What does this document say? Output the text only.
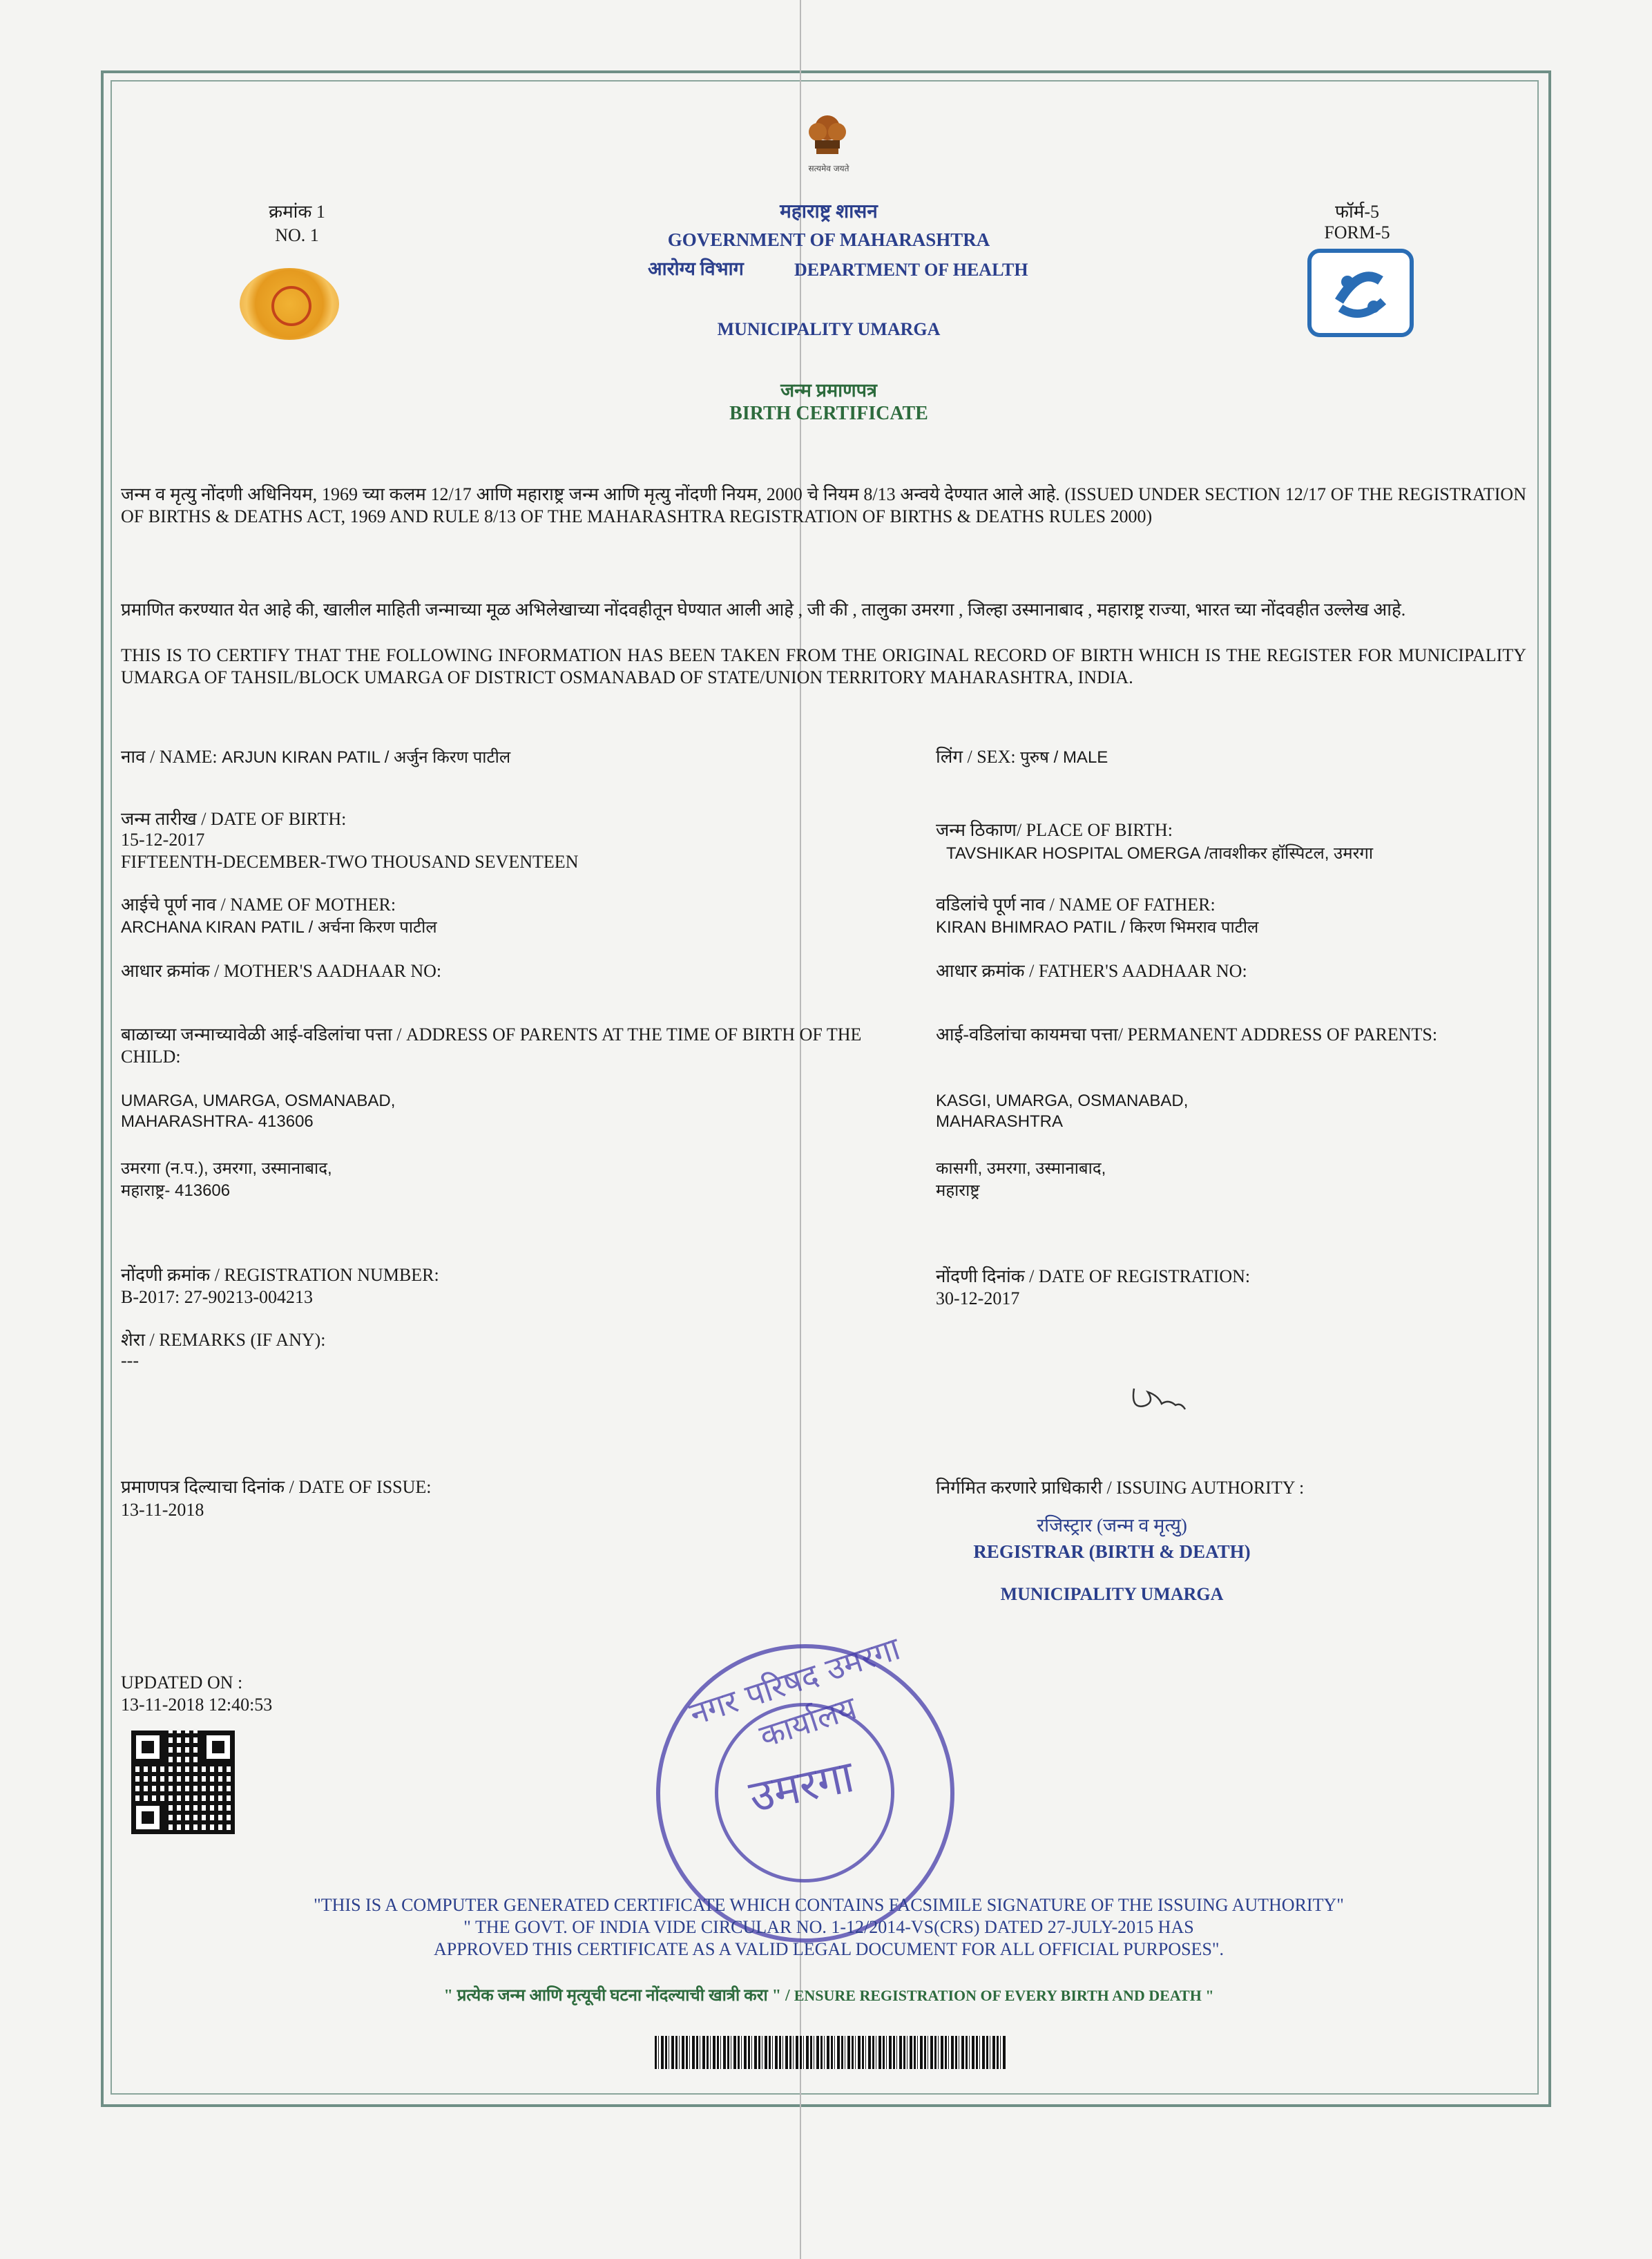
सत्यमेव जयते
क्रमांक 1
NO. 1
फॉर्म-5
FORM-5
महाराष्ट्र शासन
GOVERNMENT OF MAHARASHTRA
आरोग्य विभाग	DEPARTMENT OF HEALTH
MUNICIPALITY UMARGA
जन्म प्रमाणपत्र
BIRTH CERTIFICATE
जन्म व मृत्यु नोंदणी अधिनियम, 1969 च्या कलम 12/17 आणि महाराष्ट्र जन्म आणि मृत्यु नोंदणी नियम, 2000 चे नियम 8/13 अन्वये देण्यात आले आहे. (ISSUED UNDER SECTION 12/17 OF THE REGISTRATION OF BIRTHS & DEATHS ACT, 1969 AND RULE 8/13 OF THE MAHARASHTRA REGISTRATION OF BIRTHS & DEATHS RULES 2000)
प्रमाणित करण्यात येत आहे की, खालील माहिती जन्माच्या मूळ अभिलेखाच्या नोंदवहीतून घेण्यात आली आहे , जी की , तालुका उमरगा , जिल्हा उस्मानाबाद , महाराष्ट्र राज्या, भारत च्या नोंदवहीत उल्लेख आहे.
THIS IS TO CERTIFY THAT THE FOLLOWING INFORMATION HAS BEEN TAKEN FROM THE ORIGINAL RECORD OF BIRTH WHICH IS THE REGISTER FOR MUNICIPALITY UMARGA OF TAHSIL/BLOCK UMARGA OF DISTRICT OSMANABAD OF STATE/UNION TERRITORY MAHARASHTRA, INDIA.
नाव / NAME: ARJUN KIRAN PATIL / अर्जुन किरण पाटील
जन्म तारीख / DATE OF BIRTH:
15-12-2017
FIFTEENTH-DECEMBER-TWO THOUSAND SEVENTEEN
आईचे पूर्ण नाव / NAME OF MOTHER:
ARCHANA KIRAN PATIL / अर्चना किरण पाटील
आधार क्रमांक / MOTHER'S AADHAAR NO:
बाळाच्या जन्माच्यावेळी आई-वडिलांचा पत्ता / ADDRESS OF PARENTS AT THE TIME OF BIRTH OF THE CHILD:
UMARGA, UMARGA, OSMANABAD,
MAHARASHTRA- 413606
उमरगा (न.प.), उमरगा, उस्मानाबाद,
महाराष्ट्र- 413606
नोंदणी क्रमांक / REGISTRATION NUMBER:
B-2017: 27-90213-004213
शेरा / REMARKS (IF ANY):
---
प्रमाणपत्र दिल्याचा दिनांक / DATE OF ISSUE:
13-11-2018
UPDATED ON :
13-11-2018 12:40:53
लिंग / SEX: पुरुष / MALE
जन्म ठिकाण/ PLACE OF BIRTH:
TAVSHIKAR HOSPITAL OMERGA /तावशीकर हॉस्पिटल, उमरगा
वडिलांचे पूर्ण नाव / NAME OF FATHER:
KIRAN BHIMRAO PATIL / किरण भिमराव पाटील
आधार क्रमांक / FATHER'S AADHAAR NO:
आई-वडिलांचा कायमचा पत्ता/ PERMANENT ADDRESS OF PARENTS:
KASGI, UMARGA, OSMANABAD,
MAHARASHTRA
कासगी, उमरगा, उस्मानाबाद,
महाराष्ट्र
नोंदणी दिनांक / DATE OF REGISTRATION:
30-12-2017
निर्गमित करणारे प्राधिकारी / ISSUING AUTHORITY :
रजिस्ट्रार (जन्म व मृत्यु)
REGISTRAR (BIRTH & DEATH)
MUNICIPALITY UMARGA
नगर परिषद उमरगा कार्यालय
उमरगा
"THIS IS A COMPUTER GENERATED CERTIFICATE WHICH CONTAINS FACSIMILE SIGNATURE OF THE ISSUING AUTHORITY"
" THE GOVT. OF INDIA VIDE CIRCULAR NO. 1-12/2014-VS(CRS) DATED 27-JULY-2015 HAS
APPROVED THIS CERTIFICATE AS A VALID LEGAL DOCUMENT FOR ALL OFFICIAL PURPOSES".
" प्रत्येक जन्म आणि मृत्यूची घटना नोंदल्याची खात्री करा " / ENSURE REGISTRATION OF EVERY BIRTH AND DEATH "
